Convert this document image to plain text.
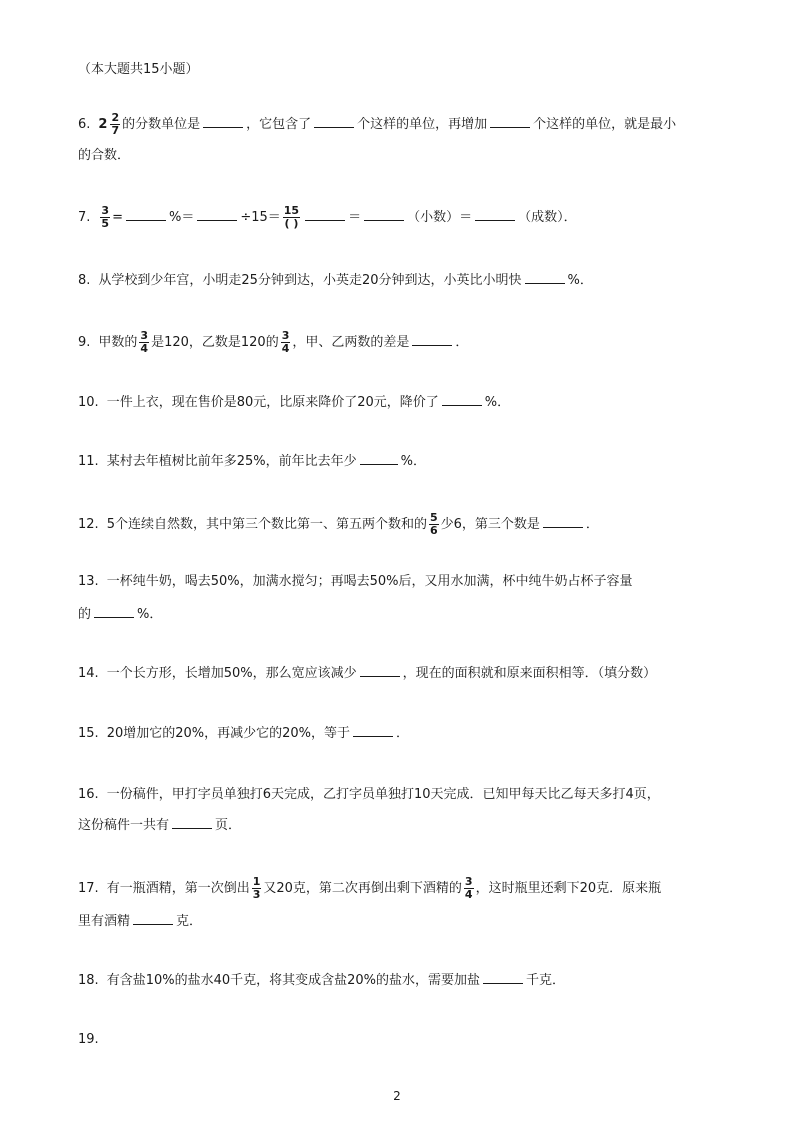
（本大题共15小题）
6. $2 \frac{2}{7}$ 的分数单位是	，它包含了	个这样的单位，再增加	个这样的单位，就是最小
的合数．
7. $\frac{3}{5}$ =	%＝	$\div 15= \frac{15}{( )}$	＝	（小数）＝	（成数）．
8. 从学校到少年宫，小明走25分钟到达，小英走20分钟到达，小英比小明快	%．
9. 甲数的 $\frac{3}{4}$ 是120，乙数是120的 $\frac{3}{4}$ ，甲、乙两数的差是	．
10. 一件上衣，现在售价是80元，比原来降价了20元，降价了	%．
11. 某村去年植树比前年多25%，前年比去年少	%．
12. 5个连续自然数，其中第三个数比第一、第五两个数和的 $\frac{5}{6}$ 少6，第三个数是	．
13. 一杯纯牛奶，喝去50%，加满水搅匀；再喝去50%后，又用水加满，杯中纯牛奶占杯子容量
的	%．
14. 一个长方形，长增加50%，那么宽应该减少	，现在的面积就和原来面积相等．（填分数）
15. 20增加它的20%，再减少它的20%，等于	．
16. 一份稿件，甲打字员单独打6天完成，乙打字员单独打10天完成．已知甲每天比乙每天多打4页，
这份稿件一共有	页．
17. 有一瓶酒精，第一次倒出 $\frac{1}{3}$ 又20克，第二次再倒出剩下酒精的 $\frac{3}{4}$ ，这时瓶里还剩下20克．原来瓶
里有酒精	克．
18. 有含盐10%的盐水40千克，将其变成含盐20%的盐水，需要加盐	千克．
19.
2
